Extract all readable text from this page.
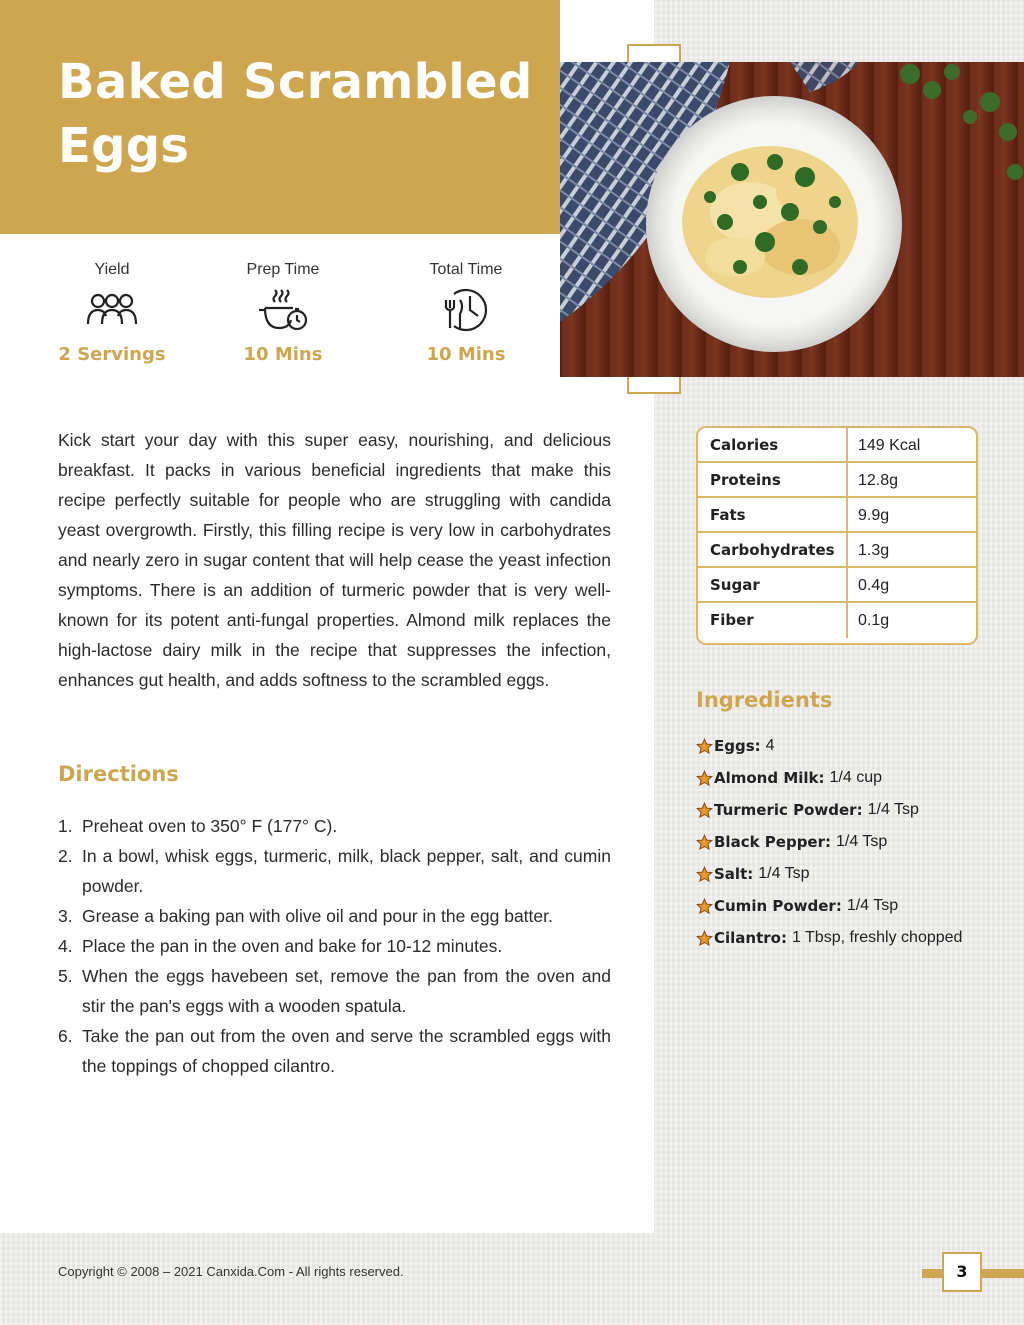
Baked Scrambled Eggs
Yield
2 Servings
Prep Time
10 Mins
Total Time
10 Mins

Kick start your day with this super easy, nourishing, and delicious breakfast. It packs in various beneficial ingredients that make this recipe perfectly suitable for people who are struggling with candida yeast overgrowth. Firstly, this filling recipe is very low in carbohydrates and nearly zero in sugar content that will help cease the yeast infection symptoms. There is an addition of turmeric powder that is very well-known for its potent anti-fungal properties. Almond milk replaces the high-lactose dairy milk in the recipe that suppresses the infection, enhances gut health, and adds softness to the scrambled eggs.

Directions
1. Preheat oven to 350° F (177° C).
2. In a bowl, whisk eggs, turmeric, milk, black pepper, salt, and cumin powder.
3. Grease a baking pan with olive oil and pour in the egg batter.
4. Place the pan in the oven and bake for 10-12 minutes.
5. When the eggs havebeen set, remove the pan from the oven and stir the pan's eggs with a wooden spatula.
6. Take the pan out from the oven and serve the scrambled eggs with the toppings of chopped cilantro.
Calories	149 Kcal
Proteins	12.8g
Fats	9.9g
Carbohydrates	1.3g
Sugar	0.4g
Fiber	0.1g
Ingredients
Eggs: 4
Almond Milk: 1/4 cup
Turmeric Powder: 1/4 Tsp
Black Pepper: 1/4 Tsp
Salt: 1/4 Tsp
Cumin Powder: 1/4 Tsp
Cilantro: 1 Tbsp, freshly chopped
Copyright © 2008 – 2021 Canxida.Com - All rights reserved.	3
